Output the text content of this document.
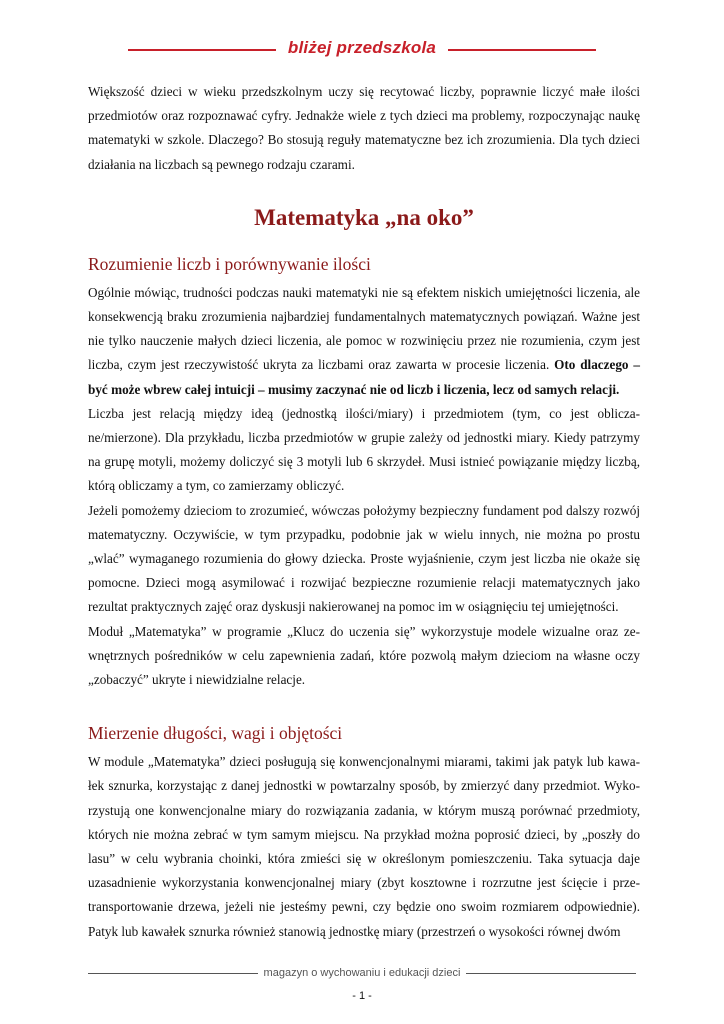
bliżej przedszkola

Większość dzieci w wieku przedszkolnym uczy się recytować liczby, poprawnie liczyć małe ilości przedmiotów oraz rozpoznawać cyfry. Jednakże wiele z tych dzieci ma problemy, rozpoczynając naukę matematyki w szkole. Dlaczego? Bo stosują reguły matematyczne bez ich zrozumienia. Dla tych dzieci działania na liczbach są pewnego rodzaju czarami.

Matematyka „na oko”
Rozumienie liczb i porównywanie ilości

Ogólnie mówiąc, trudności podczas nauki matematyki nie są efektem niskich umiejętności liczenia, ale konsekwencją braku zrozumienia najbardziej fundamentalnych matematycznych powiązań. Ważne jest nie tylko nauczenie małych dzieci liczenia, ale pomoc w rozwinięciu przez nie rozumienia, czym jest liczba, czym jest rzeczywistość ukryta za liczbami oraz zawarta w procesie liczenia. Oto dlaczego – być może wbrew całej intuicji – musimy zaczynać nie od liczb i liczenia, lecz od samych relacji.

Liczba jest relacją między ideą (jednostką ilości/miary) i przedmiotem (tym, co jest obliczane/mierzone). Dla przykładu, liczba przedmiotów w grupie zależy od jednostki miary. Kiedy patrzymy na grupę motyli, możemy doliczyć się 3 motyli lub 6 skrzydeł. Musi istnieć powiązanie między liczbą, którą obliczamy a tym, co zamierzamy obliczyć.

Jeżeli pomożemy dzieciom to zrozumieć, wówczas położymy bezpieczny fundament pod dalszy rozwój matematyczny. Oczywiście, w tym przypadku, podobnie jak w wielu innych, nie można po prostu „wlać” wymaganego rozumienia do głowy dziecka. Proste wyjaśnienie, czym jest liczba nie okaże się pomocne. Dzieci mogą asymilować i rozwijać bezpieczne rozumienie relacji matematycznych jako rezultat praktycznych zajęć oraz dyskusji nakierowanej na pomoc im w osiągnięciu tej umiejętności.

Moduł „Matematyka” w programie „Klucz do uczenia się” wykorzystuje modele wizualne oraz zewnętrznych pośredników w celu zapewnienia zadań, które pozwolą małym dzieciom na własne oczy „zobaczyć” ukryte i niewidzialne relacje.

Mierzenie długości, wagi i objętości

W module „Matematyka” dzieci posługują się konwencjonalnymi miarami, takimi jak patyk lub kawałek sznurka, korzystając z danej jednostki w powtarzalny sposób, by zmierzyć dany przedmiot. Wykorzystują one konwencjonalne miary do rozwiązania zadania, w którym muszą porównać przedmioty, których nie można zebrać w tym samym miejscu. Na przykład można poprosić dzieci, by „poszły do lasu” w celu wybrania choinki, która zmieści się w określonym pomieszczeniu. Taka sytuacja daje uzasadnienie wykorzystania konwencjonalnej miary (zbyt kosztowne i rozrzutne jest ścięcie i przetransportowanie drzewa, jeżeli nie jesteśmy pewni, czy będzie ono swoim rozmiarem odpowiednie). Patyk lub kawałek sznurka również stanowią jednostkę miary (przestrzeń o wysokości równej dwóm

magazyn o wychowaniu i edukacji dzieci
- 1 -
